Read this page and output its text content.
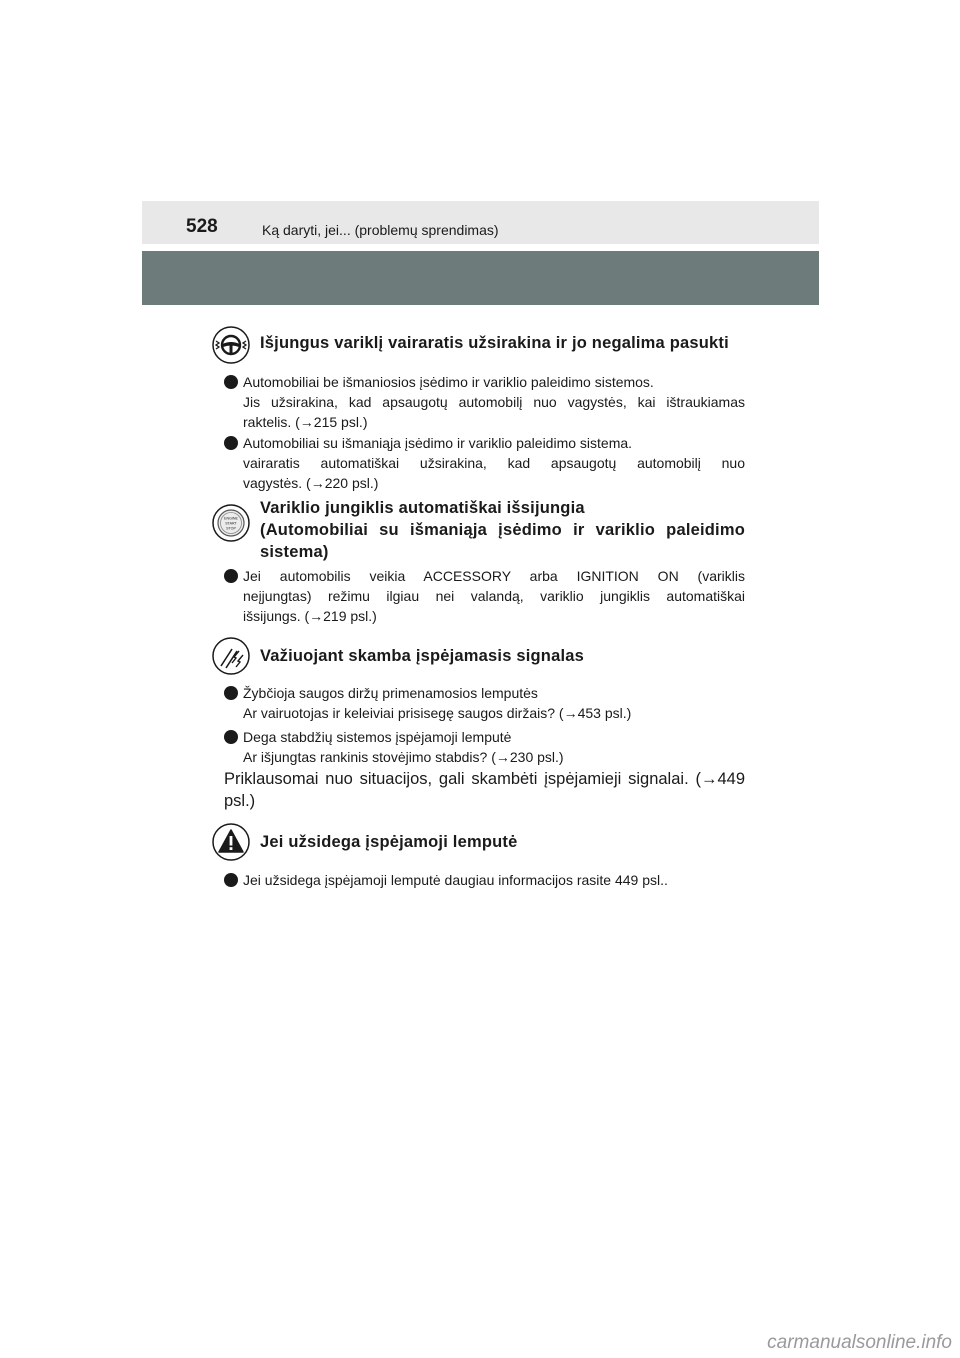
528	Ką daryti, jei... (problemų sprendimas)
Išjungus variklį vairaratis užsirakina ir jo negalima pasukti
Automobiliai be išmaniosios įsėdimo ir variklio paleidimo sistemos.
Jis užsirakina, kad apsaugotų automobilį nuo vagystės, kai ištraukiamas
raktelis. (→215 psl.)
Automobiliai su išmaniąja įsėdimo ir variklio paleidimo sistema.
vairaratis automatiškai užsirakina, kad apsaugotų automobilį nuo
vagystės. (→220 psl.)
ENGINE
START
STOP
Variklio jungiklis automatiškai išsijungia
(Automobiliai su išmaniąja įsėdimo ir variklio paleidimo
sistema)
Jei automobilis veikia ACCESSORY arba IGNITION ON (variklis
neįjungtas) režimu ilgiau nei valandą, variklio jungiklis automatiškai
išsijungs. (→219 psl.)
Važiuojant skamba įspėjamasis signalas
Žybčioja saugos diržų primenamosios lemputės
Ar vairuotojas ir keleiviai prisisegę saugos diržais? (→453 psl.)
Dega stabdžių sistemos įspėjamoji lemputė
Ar išjungtas rankinis stovėjimo stabdis? (→230 psl.)
Priklausomai nuo situacijos, gali skambėti įspėjamieji signalai. (→449
psl.)
Jei užsidega įspėjamoji lemputė
Jei užsidega įspėjamoji lemputė daugiau informacijos rasite 449 psl..
carmanualsonline.info
